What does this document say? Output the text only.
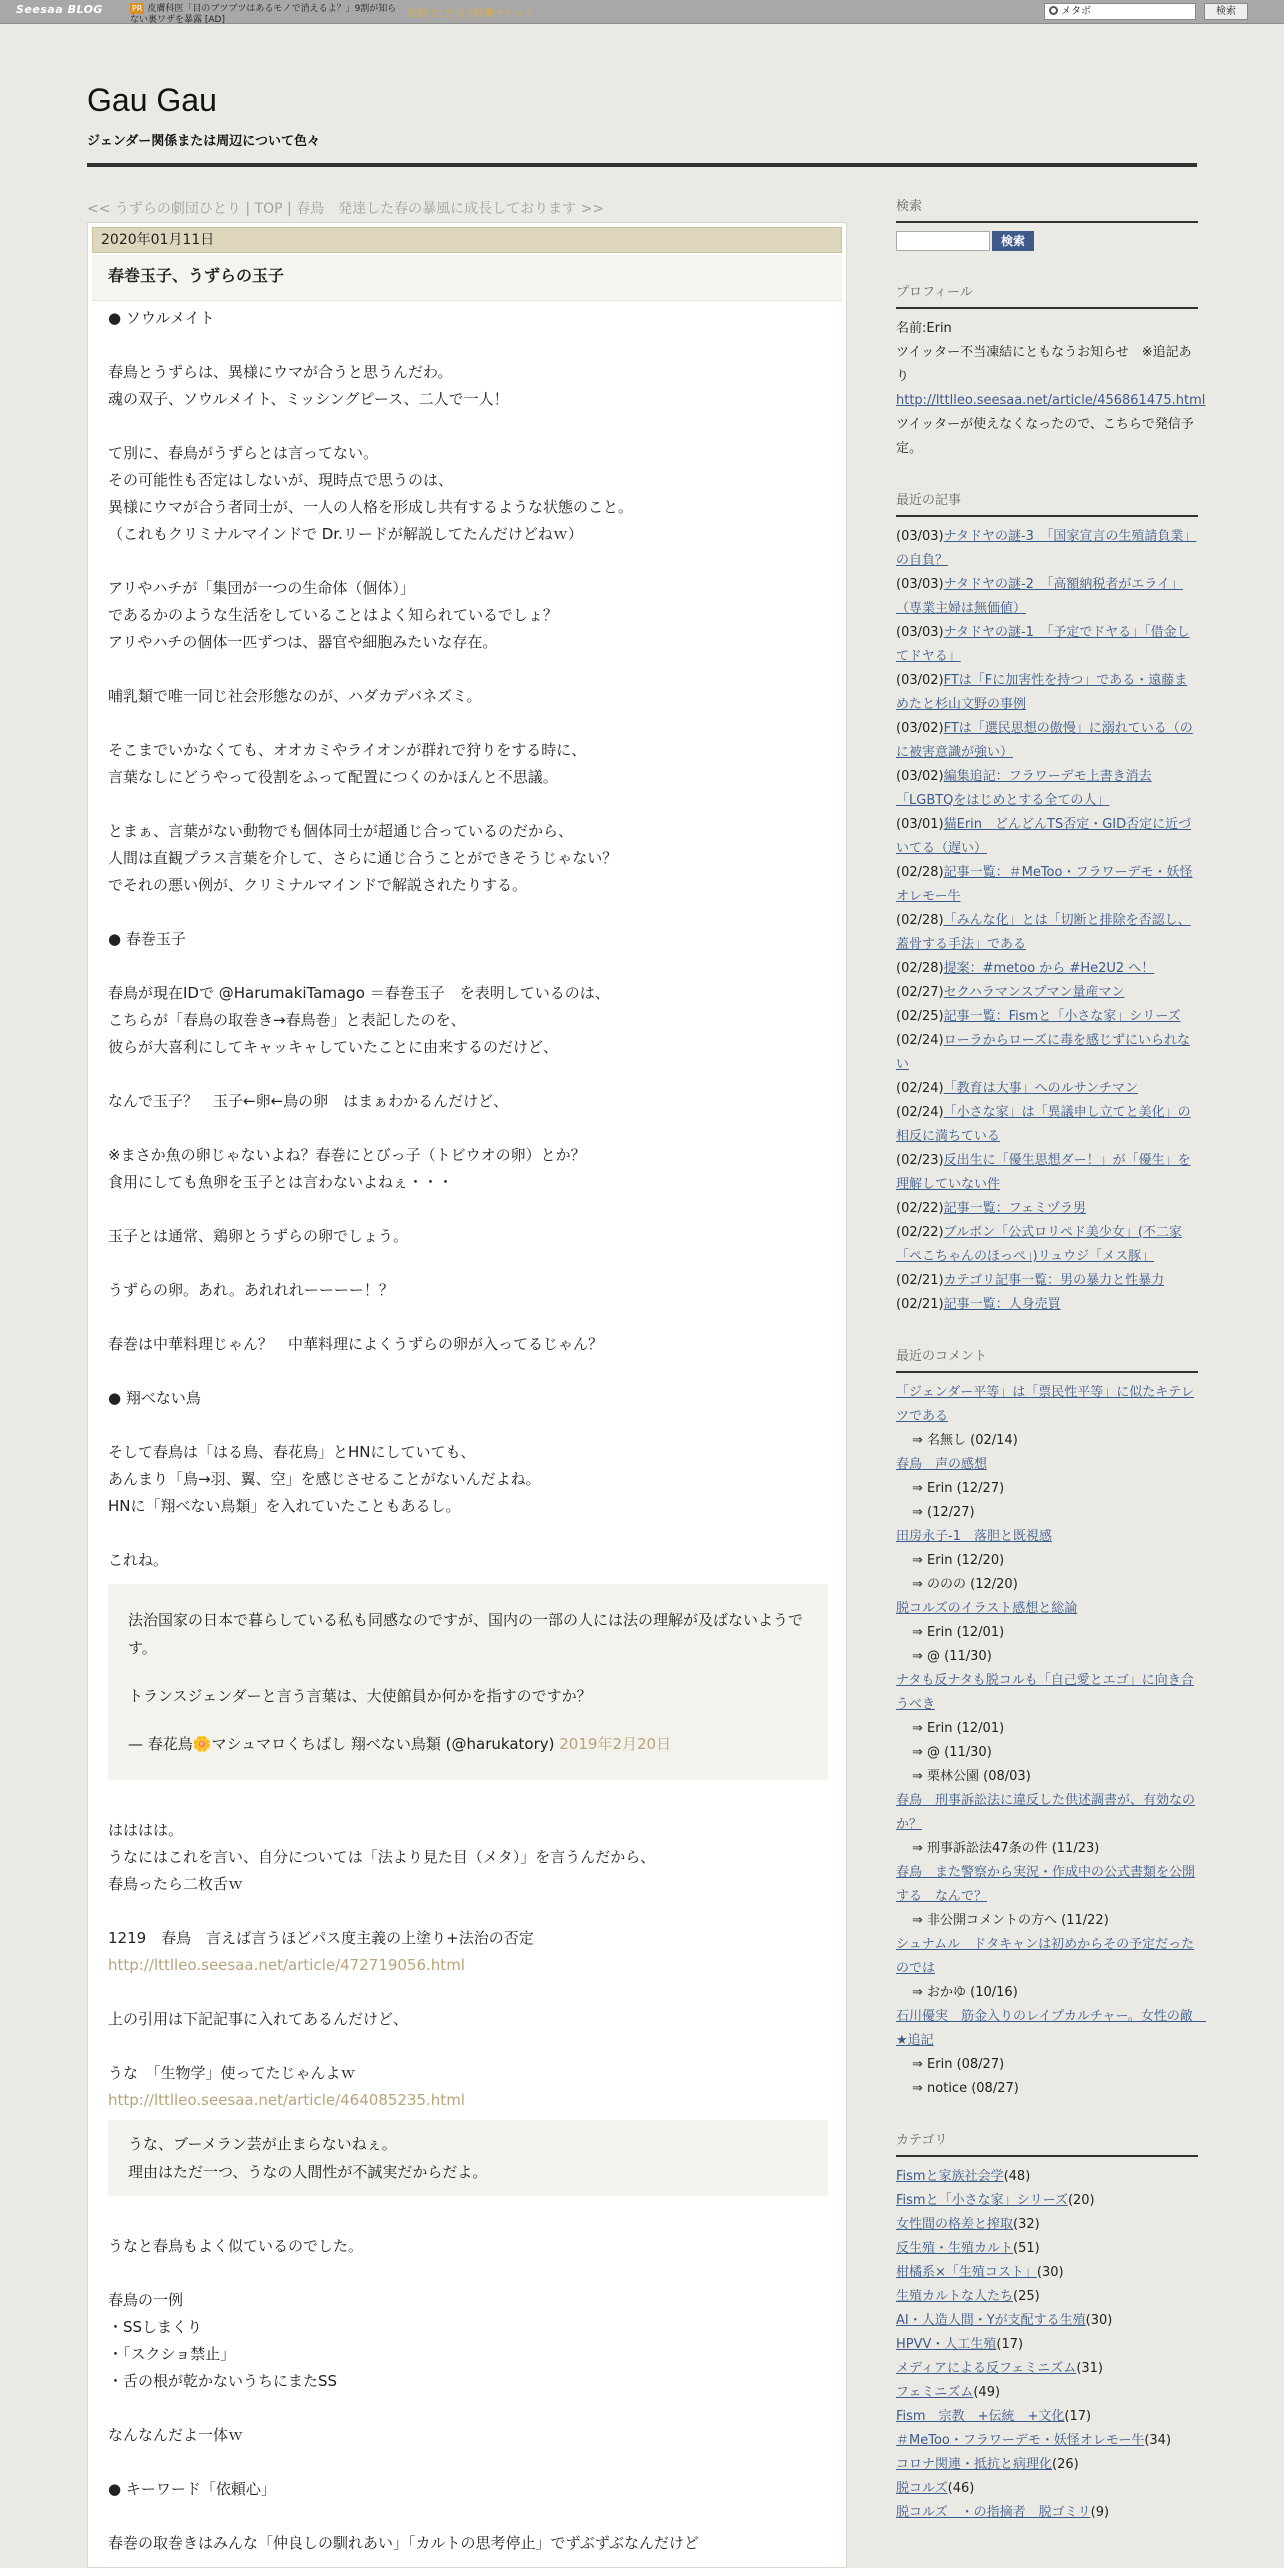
Seesaa BLOG	PR 皮膚科医「目のブツブツはあるモノで消えるよ？」9割が知らない裏ワザを暴露 [AD]	無料で1万円分特典チケット	メタボ	検索
Gau Gau
ジェンダー関係または周辺について色々
<< うずらの劇団ひとり | TOP | 春鳥　発達した春の暴風に成長しております >>
2020年01月11日
春巻玉子、うずらの玉子
● ソウルメイト
春鳥とうずらは、異様にウマが合うと思うんだわ。
魂の双子、ソウルメイト、ミッシングピース、二人で一人！
て別に、春鳥がうずらとは言ってない。
その可能性も否定はしないが、現時点で思うのは、
異様にウマが合う者同士が、一人の人格を形成し共有するような状態のこと。
（これもクリミナルマインドで Dr.リードが解説してたんだけどねｗ）
アリやハチが「集団が一つの生命体（個体）」
であるかのような生活をしていることはよく知られているでしょ？
アリやハチの個体一匹ずつは、器官や細胞みたいな存在。
哺乳類で唯一同じ社会形態なのが、ハダカデバネズミ。
そこまでいかなくても、オオカミやライオンが群れで狩りをする時に、
言葉なしにどうやって役割をふって配置につくのかほんと不思議。
とまぁ、言葉がない動物でも個体同士が超通じ合っているのだから、
人間は直観プラス言葉を介して、さらに通じ合うことができそうじゃない？
でそれの悪い例が、クリミナルマインドで解説されたりする。
● 春巻玉子
春鳥が現在IDで @HarumakiTamago ＝春巻玉子　を表明しているのは、
こちらが「春鳥の取巻き→春鳥巻」と表記したのを、
彼らが大喜利にしてキャッキャしていたことに由来するのだけど、
なんで玉子？　玉子←卵←鳥の卵　はまぁわかるんだけど、
※まさか魚の卵じゃないよね？春巻にとびっ子（トビウオの卵）とか？
食用にしても魚卵を玉子とは言わないよねぇ・・・
玉子とは通常、鶏卵とうずらの卵でしょう。
うずらの卵。あれ。あれれれーーーー！？
春巻は中華料理じゃん？　中華料理によくうずらの卵が入ってるじゃん？
● 翔べない鳥
そして春鳥は「はる鳥、春花鳥」とHNにしていても、
あんまり「鳥→羽、翼、空」を感じさせることがないんだよね。
HNに「翔べない鳥類」を入れていたこともあるし。
これね。
法治国家の日本で暮らしている私も同感なのですが、国内の一部の人には法の理解が及ばないようです。
トランスジェンダーと言う言葉は、大使館員か何かを指すのですか？
— 春花鳥🌼マシュマロくちばし 翔べない鳥類 (@harukatory) 2019年2月20日
はははは。
うなにはこれを言い、自分については「法より見た目（メタ）」を言うんだから、
春鳥ったら二枚舌ｗ
1219　春鳥　言えば言うほどパス度主義の上塗り+法治の否定
http://lttlleo.seesaa.net/article/472719056.html
上の引用は下記記事に入れてあるんだけど、
うな　「生物学」使ってたじゃんよｗ
http://lttlleo.seesaa.net/article/464085235.html
うな、ブーメラン芸が止まらないねぇ。
理由はただ一つ、うなの人間性が不誠実だからだよ。
うなと春鳥もよく似ているのでした。
春鳥の一例
・SSしまくり
・「スクショ禁止」
・舌の根が乾かないうちにまたSS
なんなんだよ一体ｗ
● キーワード「依頼心」
春巻の取巻きはみんな「仲良しの馴れあい」「カルトの思考停止」でずぶずぶなんだけど
検索
検索
プロフィール
名前:Erin
ツイッター不当凍結にともなうお知らせ　※追記あり
http://lttlleo.seesaa.net/article/456861475.html
ツイッターが使えなくなったので、こちらで発信予定。
最近の記事
(03/03)ナタドヤの謎-3　「国家宣言の生殖請負業」の自負？
(03/03)ナタドヤの謎-2　「高額納税者がエライ」（専業主婦は無価値）
(03/03)ナタドヤの謎-1　「予定でドヤる」「借金してドヤる」
(03/02)FTは「Fに加害性を持つ」である・遠藤まめたと杉山文野の事例
(03/02)FTは「選民思想の傲慢」に溺れている（のに被害意識が強い）
(03/02)編集追記：フラワーデモ上書き消去「LGBTQをはじめとする全ての人」
(03/01)猫Erin　どんどんTS否定・GID否定に近づいてる（遅い）
(02/28)記事一覧：＃MeToo・フラワーデモ・妖怪オレモー牛
(02/28)「みんな化」とは「切断と排除を否認し、蓋骨する手法」である
(02/28)提案：#metoo から #He2U2 へ！
(02/27)セクハラマンスプマン量産マン
(02/25)記事一覧：Fismと「小さな家」シリーズ
(02/24)ローラからローズに毒を感じずにいられない
(02/24)「教育は大事」へのルサンチマン
(02/24)「小さな家」は「異議申し立てと美化」の相反に満ちている
(02/23)反出生に「優生思想ダー！」が「優生」を理解していない件
(02/22)記事一覧：フェミヅラ男
(02/22)ブルボン「公式ロリペド美少女」(不二家「ペこちゃんのほっぺ」)リュウジ「メス豚」
(02/21)カテゴリ記事一覧：男の暴力と性暴力
(02/21)記事一覧：人身売買
最近のコメント
「ジェンダー平等」は「票民性平等」に似たキテレツである
⇒ 名無し (02/14)
春鳥　声の感想
⇒ Erin (12/27)
⇒ (12/27)
田房永子-1　落胆と既視感
⇒ Erin (12/20)
⇒ ののの (12/20)
脱コルズのイラスト感想と総論
⇒ Erin (12/01)
⇒ @ (11/30)
ナタも反ナタも脱コルも「自己愛とエゴ」に向き合うべき
⇒ Erin (12/01)
⇒ @ (11/30)
⇒ 栗林公園 (08/03)
春鳥　刑事訴訟法に違反した供述調書が、有効なのか？
⇒ 刑事訴訟法47条の件 (11/23)
春鳥　また警察から実況・作成中の公式書類を公開する　なんで？
⇒ 非公開コメントの方へ (11/22)
シュナムル　ドタキャンは初めからその予定だったのでは
⇒ おかゆ (10/16)
石川優実　筋金入りのレイプカルチャー。女性の敵　★追記
⇒ Erin (08/27)
⇒ notice (08/27)
カテゴリ
Fismと家族社会学(48)
Fismと「小さな家」シリーズ(20)
女性間の格差と搾取(32)
反生殖・生殖カルト(51)
柑橘系×「生殖コスト」(30)
生殖カルトな人たち(25)
AI・人造人間・Yが支配する生殖(30)
HPVV・人工生殖(17)
メディアによる反フェミニズム(31)
フェミニズム(49)
Fism　宗教　+伝統　+文化(17)
＃MeToo・フラワーデモ・妖怪オレモー牛(34)
コロナ関連・抵抗と病理化(26)
脱コルズ(46)
脱コルズ　・の指摘者　脱ゴミリ(9)
